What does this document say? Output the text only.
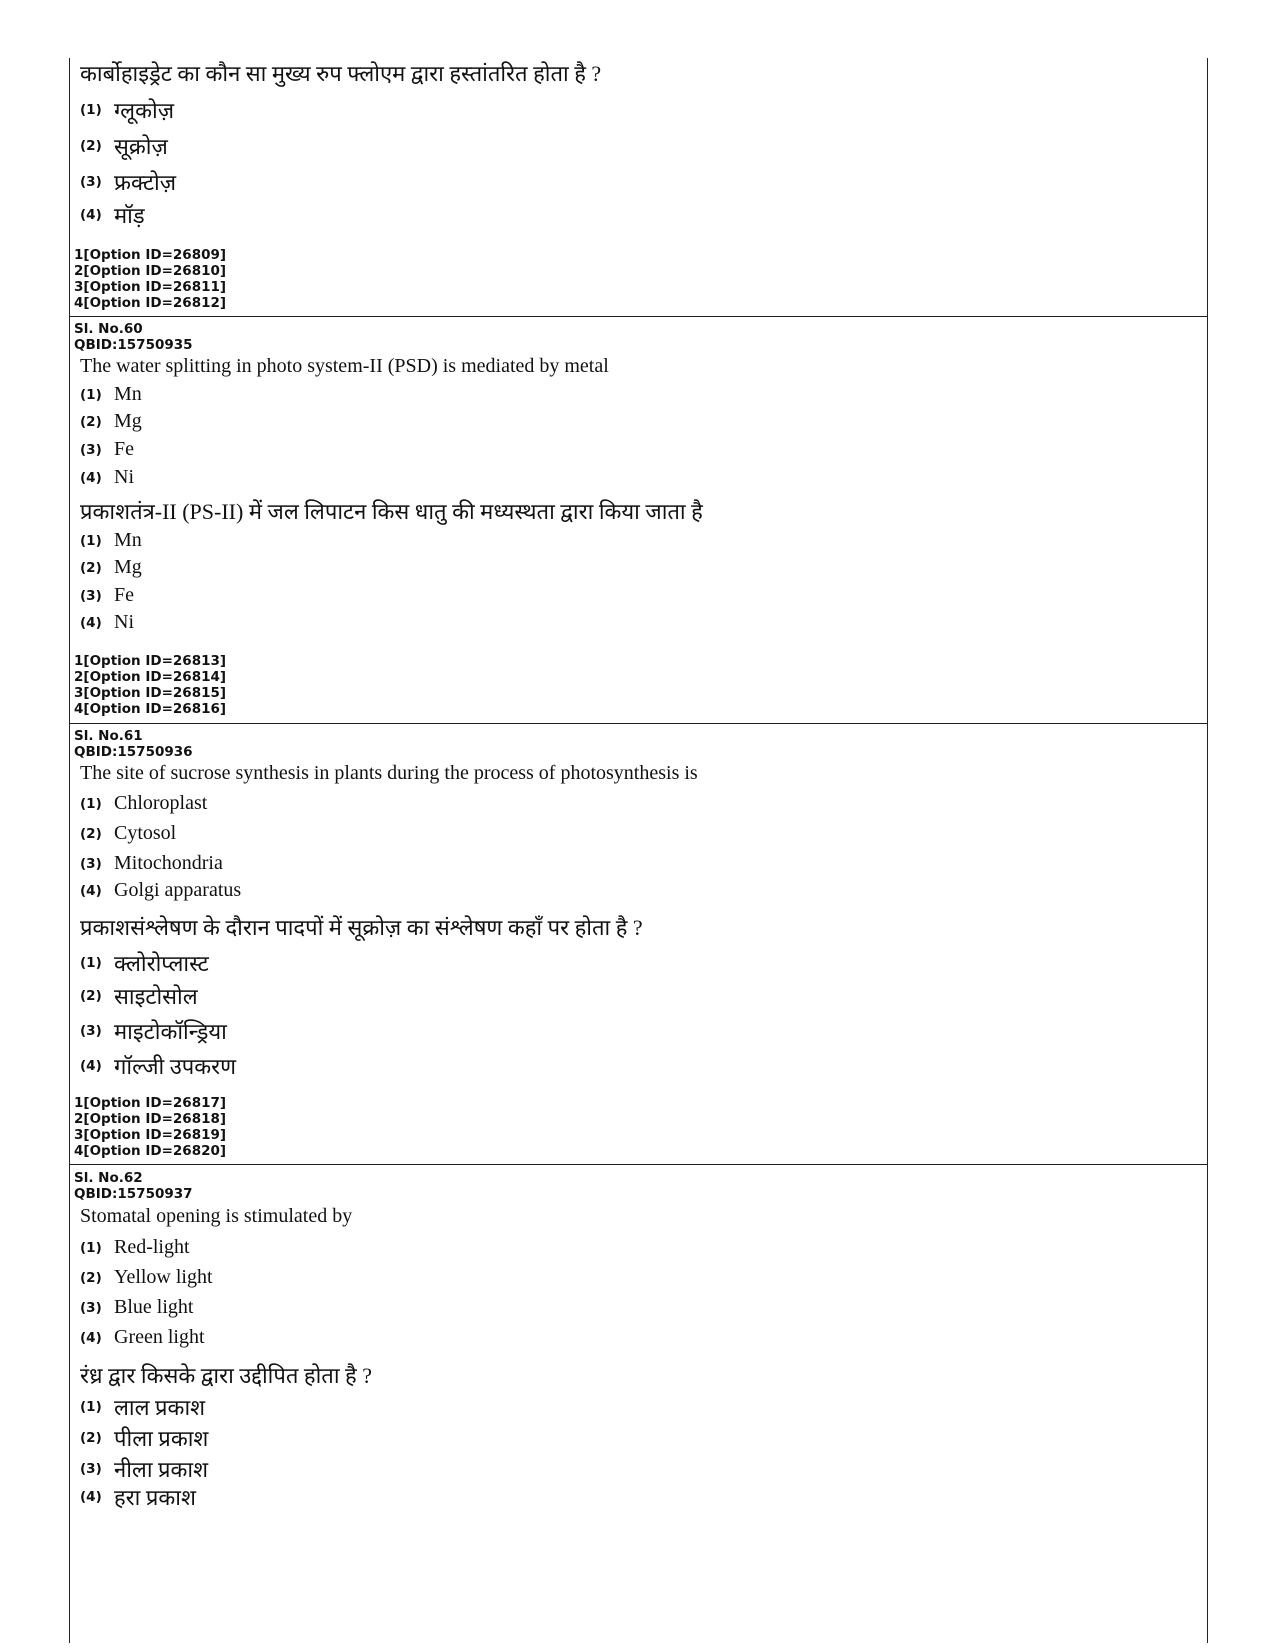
कार्बोहाइड्रेट का कौन सा मुख्य रुप फ्लोएम द्वारा हस्तांतरित होता है ?
(1) ग्लूकोज़
(2) सूक्रोज़
(3) फ्रक्टोज़
(4) मॉड़
1[Option ID=26809]
2[Option ID=26810]
3[Option ID=26811]
4[Option ID=26812]
Sl. No.60
QBID:15750935
The water splitting in photo system-II (PSD) is mediated by metal
(1) Mn
(2) Mg
(3) Fe
(4) Ni
प्रकाशतंत्र-II (PS-II) में जल लिपाटन किस धातु की मध्यस्थता द्वारा किया जाता है
(1) Mn
(2) Mg
(3) Fe
(4) Ni
1[Option ID=26813]
2[Option ID=26814]
3[Option ID=26815]
4[Option ID=26816]
Sl. No.61
QBID:15750936
The site of sucrose synthesis in plants during the process of photosynthesis is
(1) Chloroplast
(2) Cytosol
(3) Mitochondria
(4) Golgi apparatus
प्रकाशसंश्लेषण के दौरान पादपों में सूक्रोज़ का संश्लेषण कहाँ पर होता है ?
(1) क्लोरोप्लास्ट
(2) साइटोसोल
(3) माइटोकॉन्ड्रिया
(4) गॉल्जी उपकरण
1[Option ID=26817]
2[Option ID=26818]
3[Option ID=26819]
4[Option ID=26820]
Sl. No.62
QBID:15750937
Stomatal opening is stimulated by
(1) Red-light
(2) Yellow light
(3) Blue light
(4) Green light
रंध्र द्वार किसके द्वारा उद्दीपित होता है ?
(1) लाल प्रकाश
(2) पीला प्रकाश
(3) नीला प्रकाश
(4) हरा प्रकाश
